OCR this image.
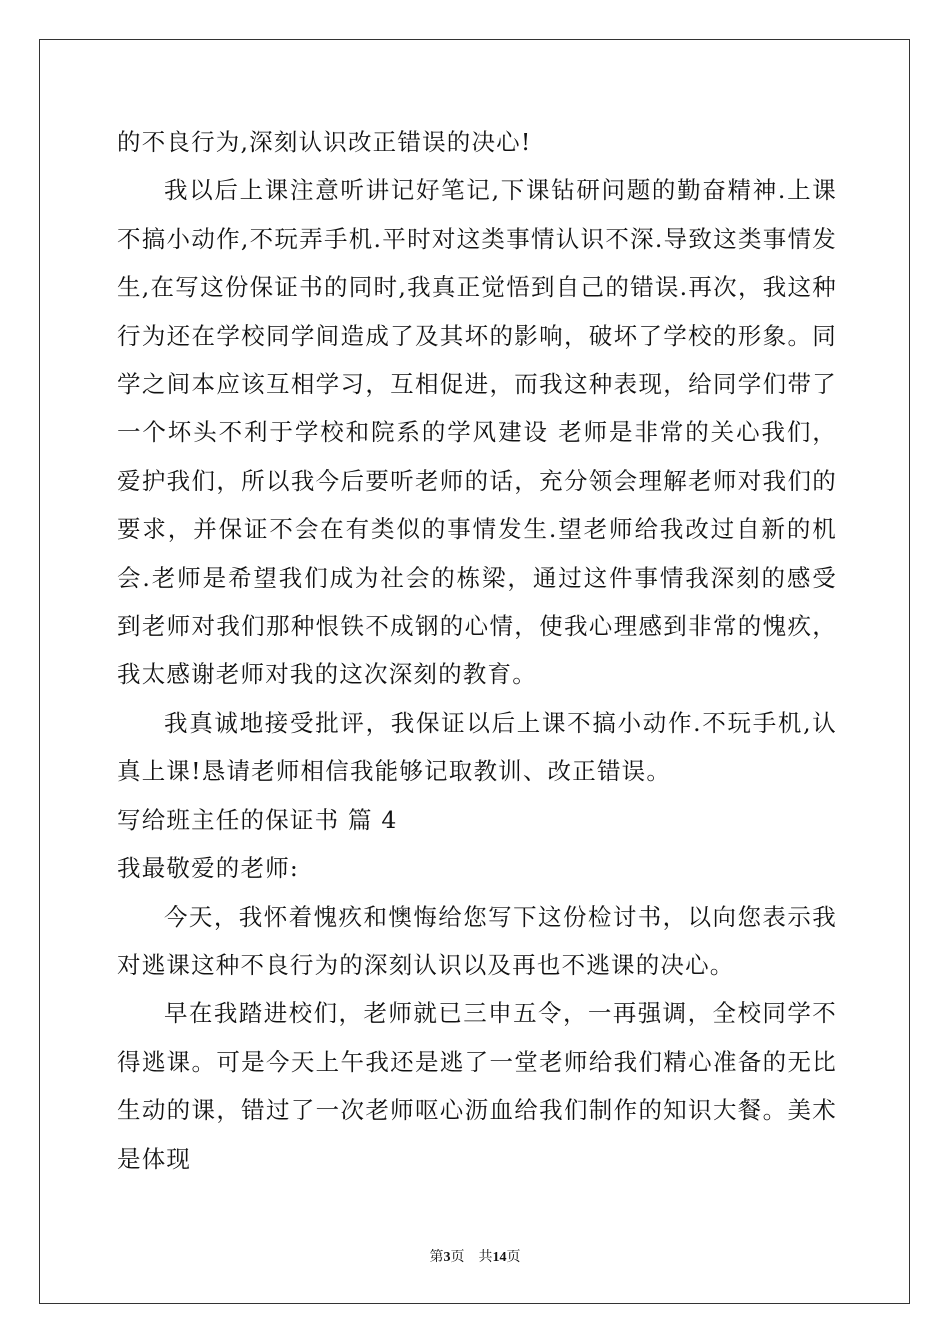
的不良行为,深刻认识改正错误的决心!

我以后上课注意听讲记好笔记,下课钻研问题的勤奋精神.上课不搞小动作,不玩弄手机.平时对这类事情认识不深.导致这类事情发生,在写这份保证书的同时,我真正觉悟到自己的错误.再次，我这种行为还在学校同学间造成了及其坏的影响，破坏了学校的形象。同学之间本应该互相学习，互相促进，而我这种表现，给同学们带了一个坏头不利于学校和院系的学风建设 老师是非常的关心我们，爱护我们，所以我今后要听老师的话，充分领会理解老师对我们的要求，并保证不会在有类似的事情发生.望老师给我改过自新的机会.老师是希望我们成为社会的栋梁，通过这件事情我深刻的感受到老师对我们那种恨铁不成钢的心情，使我心理感到非常的愧疚，我太感谢老师对我的这次深刻的教育。

我真诚地接受批评，我保证以后上课不搞小动作.不玩手机,认真上课!恳请老师相信我能够记取教训、改正错误。

写给班主任的保证书 篇 4

我最敬爱的老师:

今天，我怀着愧疚和懊悔给您写下这份检讨书，以向您表示我对逃课这种不良行为的深刻认识以及再也不逃课的决心。

早在我踏进校们，老师就已三申五令，一再强调，全校同学不得逃课。可是今天上午我还是逃了一堂老师给我们精心准备的无比生动的课，错过了一次老师呕心沥血给我们制作的知识大餐。美术是体现

第3页 共14页
